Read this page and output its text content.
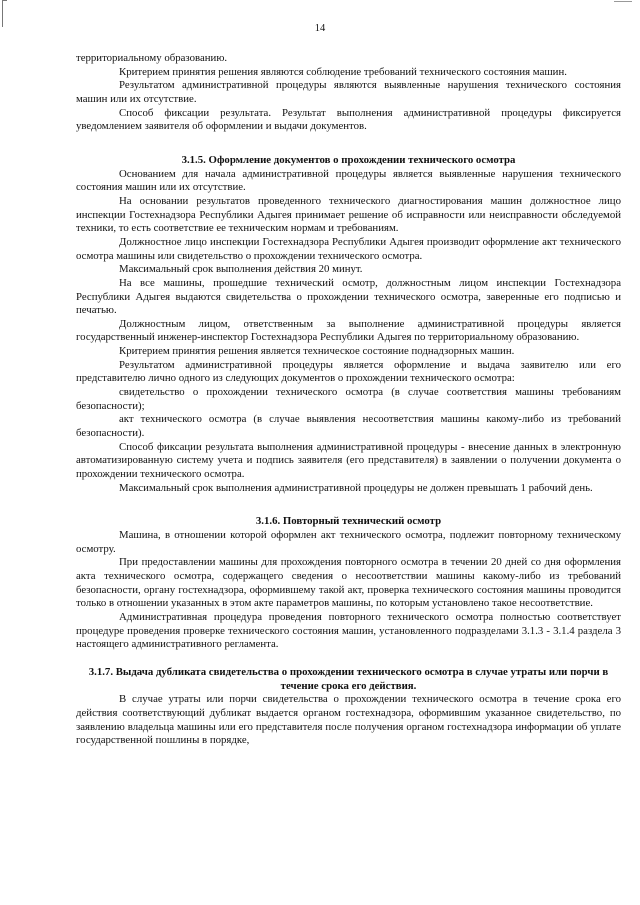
14

территориальному образованию.

Критерием принятия решения являются соблюдение требований технического состояния машин.

Результатом административной процедуры являются выявленные нарушения технического состояния машин или их отсутствие.

Способ фиксации результата. Результат выполнения административной процедуры фиксируется уведомлением заявителя об оформлении и выдачи документов.

3.1.5. Оформление документов о прохождении технического осмотра

Основанием для начала административной процедуры является выявленные нарушения технического состояния машин или их отсутствие.

На основании результатов проведенного технического диагностирования машин должностное лицо инспекции Гостехнадзора Республики Адыгея принимает решение об исправности или неисправности обследуемой техники, то есть соответствие ее техническим нормам и требованиям.

Должностное лицо инспекции Гостехнадзора Республики Адыгея производит оформление акт технического осмотра машины или свидетельство о прохождении технического осмотра.

Максимальный срок выполнения действия 20 минут.

На все машины, прошедшие технический осмотр, должностным лицом инспекции Гостехнадзора Республики Адыгея выдаются свидетельства о прохождении технического осмотра, заверенные его подписью и печатью.

Должностным лицом, ответственным за выполнение административной процедуры является государственный инженер-инспектор Гостехнадзора Республики Адыгея по территориальному образованию.

Критерием принятия решения является техническое состояние поднадзорных машин.

Результатом административной процедуры является оформление и выдача заявителю или его представителю лично одного из следующих документов о прохождении технического осмотра:

свидетельство о прохождении технического осмотра (в случае соответствия машины требованиям безопасности);

акт технического осмотра (в случае выявления несоответствия машины какому-либо из требований безопасности).

Способ фиксации результата выполнения административной процедуры - внесение данных в электронную автоматизированную систему учета и подпись заявителя (его представителя) в заявлении о получении документа о прохождении технического осмотра.

Максимальный срок выполнения административной процедуры не должен превышать 1 рабочий день.

3.1.6. Повторный технический осмотр

Машина, в отношении которой оформлен акт технического осмотра, подлежит повторному техническому осмотру.

При предоставлении машины для прохождения повторного осмотра в течении 20 дней со дня оформления акта технического осмотра, содержащего сведения о несоответствии машины какому-либо из требований безопасности, органу гостехнадзора, оформившему такой акт, проверка технического состояния машины проводится только в отношении указанных в этом акте параметров машины, по которым установлено такое несоответствие.

Административная процедура проведения повторного технического осмотра полностью соответствует процедуре проведения проверке технического состояния машин, установленного подразделами 3.1.3 - 3.1.4 раздела 3 настоящего административного регламента.

3.1.7. Выдача дубликата свидетельства о прохождении технического осмотра в случае утраты или порчи в течение срока его действия.

В случае утраты или порчи свидетельства о прохождении технического осмотра в течение срока его действия соответствующий дубликат выдается органом гостехнадзора, оформившим указанное свидетельство, по заявлению владельца машины или его представителя после получения органом гостехнадзора информации об уплате государственной пошлины в порядке,
